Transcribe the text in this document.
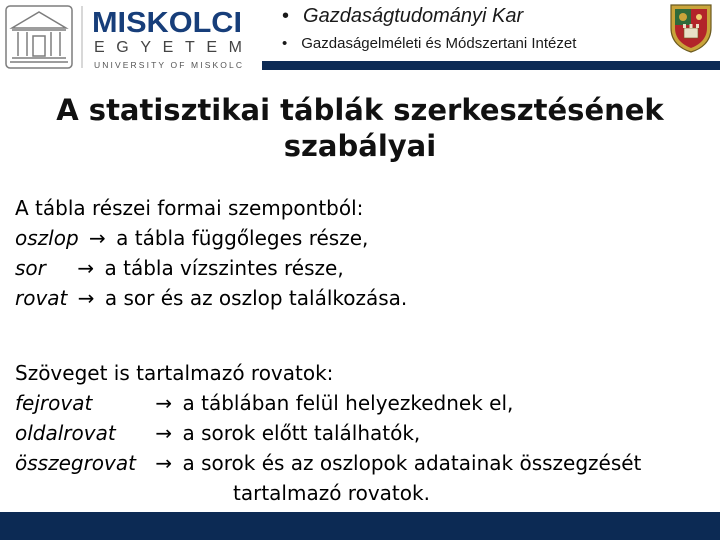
MISKOLCI
EGYETEM
UNIVERSITY OF MISKOLC
• Gazdaságtudományi Kar
• Gazdaságelméleti és Módszertani Intézet
A statisztikai táblák szerkesztésének szabályai
A tábla részei formai szempontból:
oszlop → a tábla függőleges része,
sor → a tábla vízszintes része,
rovat → a sor és az oszlop találkozása.
Szöveget is tartalmazó rovatok:
fejrovat	→ a táblában felül helyezkednek el,
oldalrovat → a sorok előtt találhatók,
összegrovat → a sorok és az oszlopok adatainak összegzését
tartalmazó rovatok.
